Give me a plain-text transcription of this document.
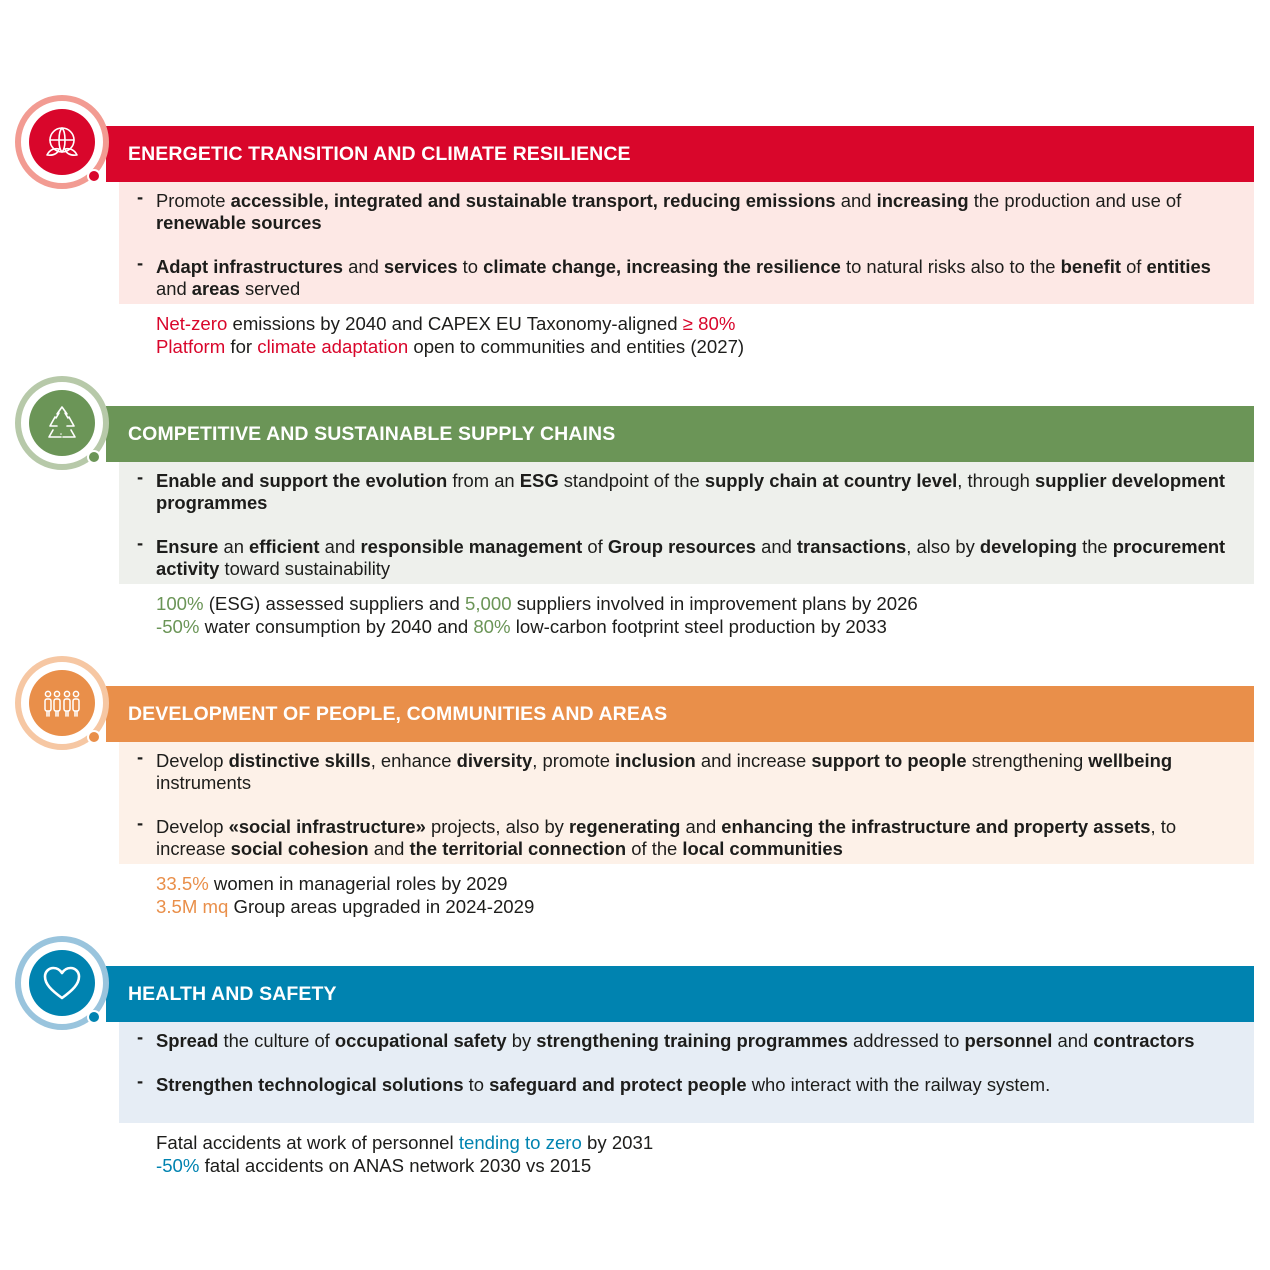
ENERGETIC TRANSITION AND CLIMATE RESILIENCE
- Promote accessible, integrated and sustainable transport, reducing emissions and increasing the production and use of renewable sources
- Adapt infrastructures and services to climate change, increasing the resilience to natural risks also to the benefit of entities and areas served
Net-zero emissions by 2040 and CAPEX EU Taxonomy-aligned ≥ 80%
Platform for climate adaptation open to communities and entities (2027)
COMPETITIVE AND SUSTAINABLE SUPPLY CHAINS
- Enable and support the evolution from an ESG standpoint of the supply chain at country level, through supplier development programmes
- Ensure an efficient and responsible management of Group resources and transactions, also by developing the procurement activity toward sustainability
100% (ESG) assessed suppliers and 5,000 suppliers involved in improvement plans by 2026
-50% water consumption by 2040 and 80% low-carbon footprint steel production by 2033
DEVELOPMENT OF PEOPLE, COMMUNITIES AND AREAS
- Develop distinctive skills, enhance diversity, promote inclusion and increase support to people strengthening wellbeing instruments
- Develop «social infrastructure» projects, also by regenerating and enhancing the infrastructure and property assets, to increase social cohesion and the territorial connection of the local communities
33.5% women in managerial roles by 2029
3.5M mq Group areas upgraded in 2024-2029
HEALTH AND SAFETY
- Spread the culture of occupational safety by strengthening training programmes addressed to personnel and contractors
- Strengthen technological solutions to safeguard and protect people who interact with the railway system.
Fatal accidents at work of personnel tending to zero by 2031
-50% fatal accidents on ANAS network 2030 vs 2015
